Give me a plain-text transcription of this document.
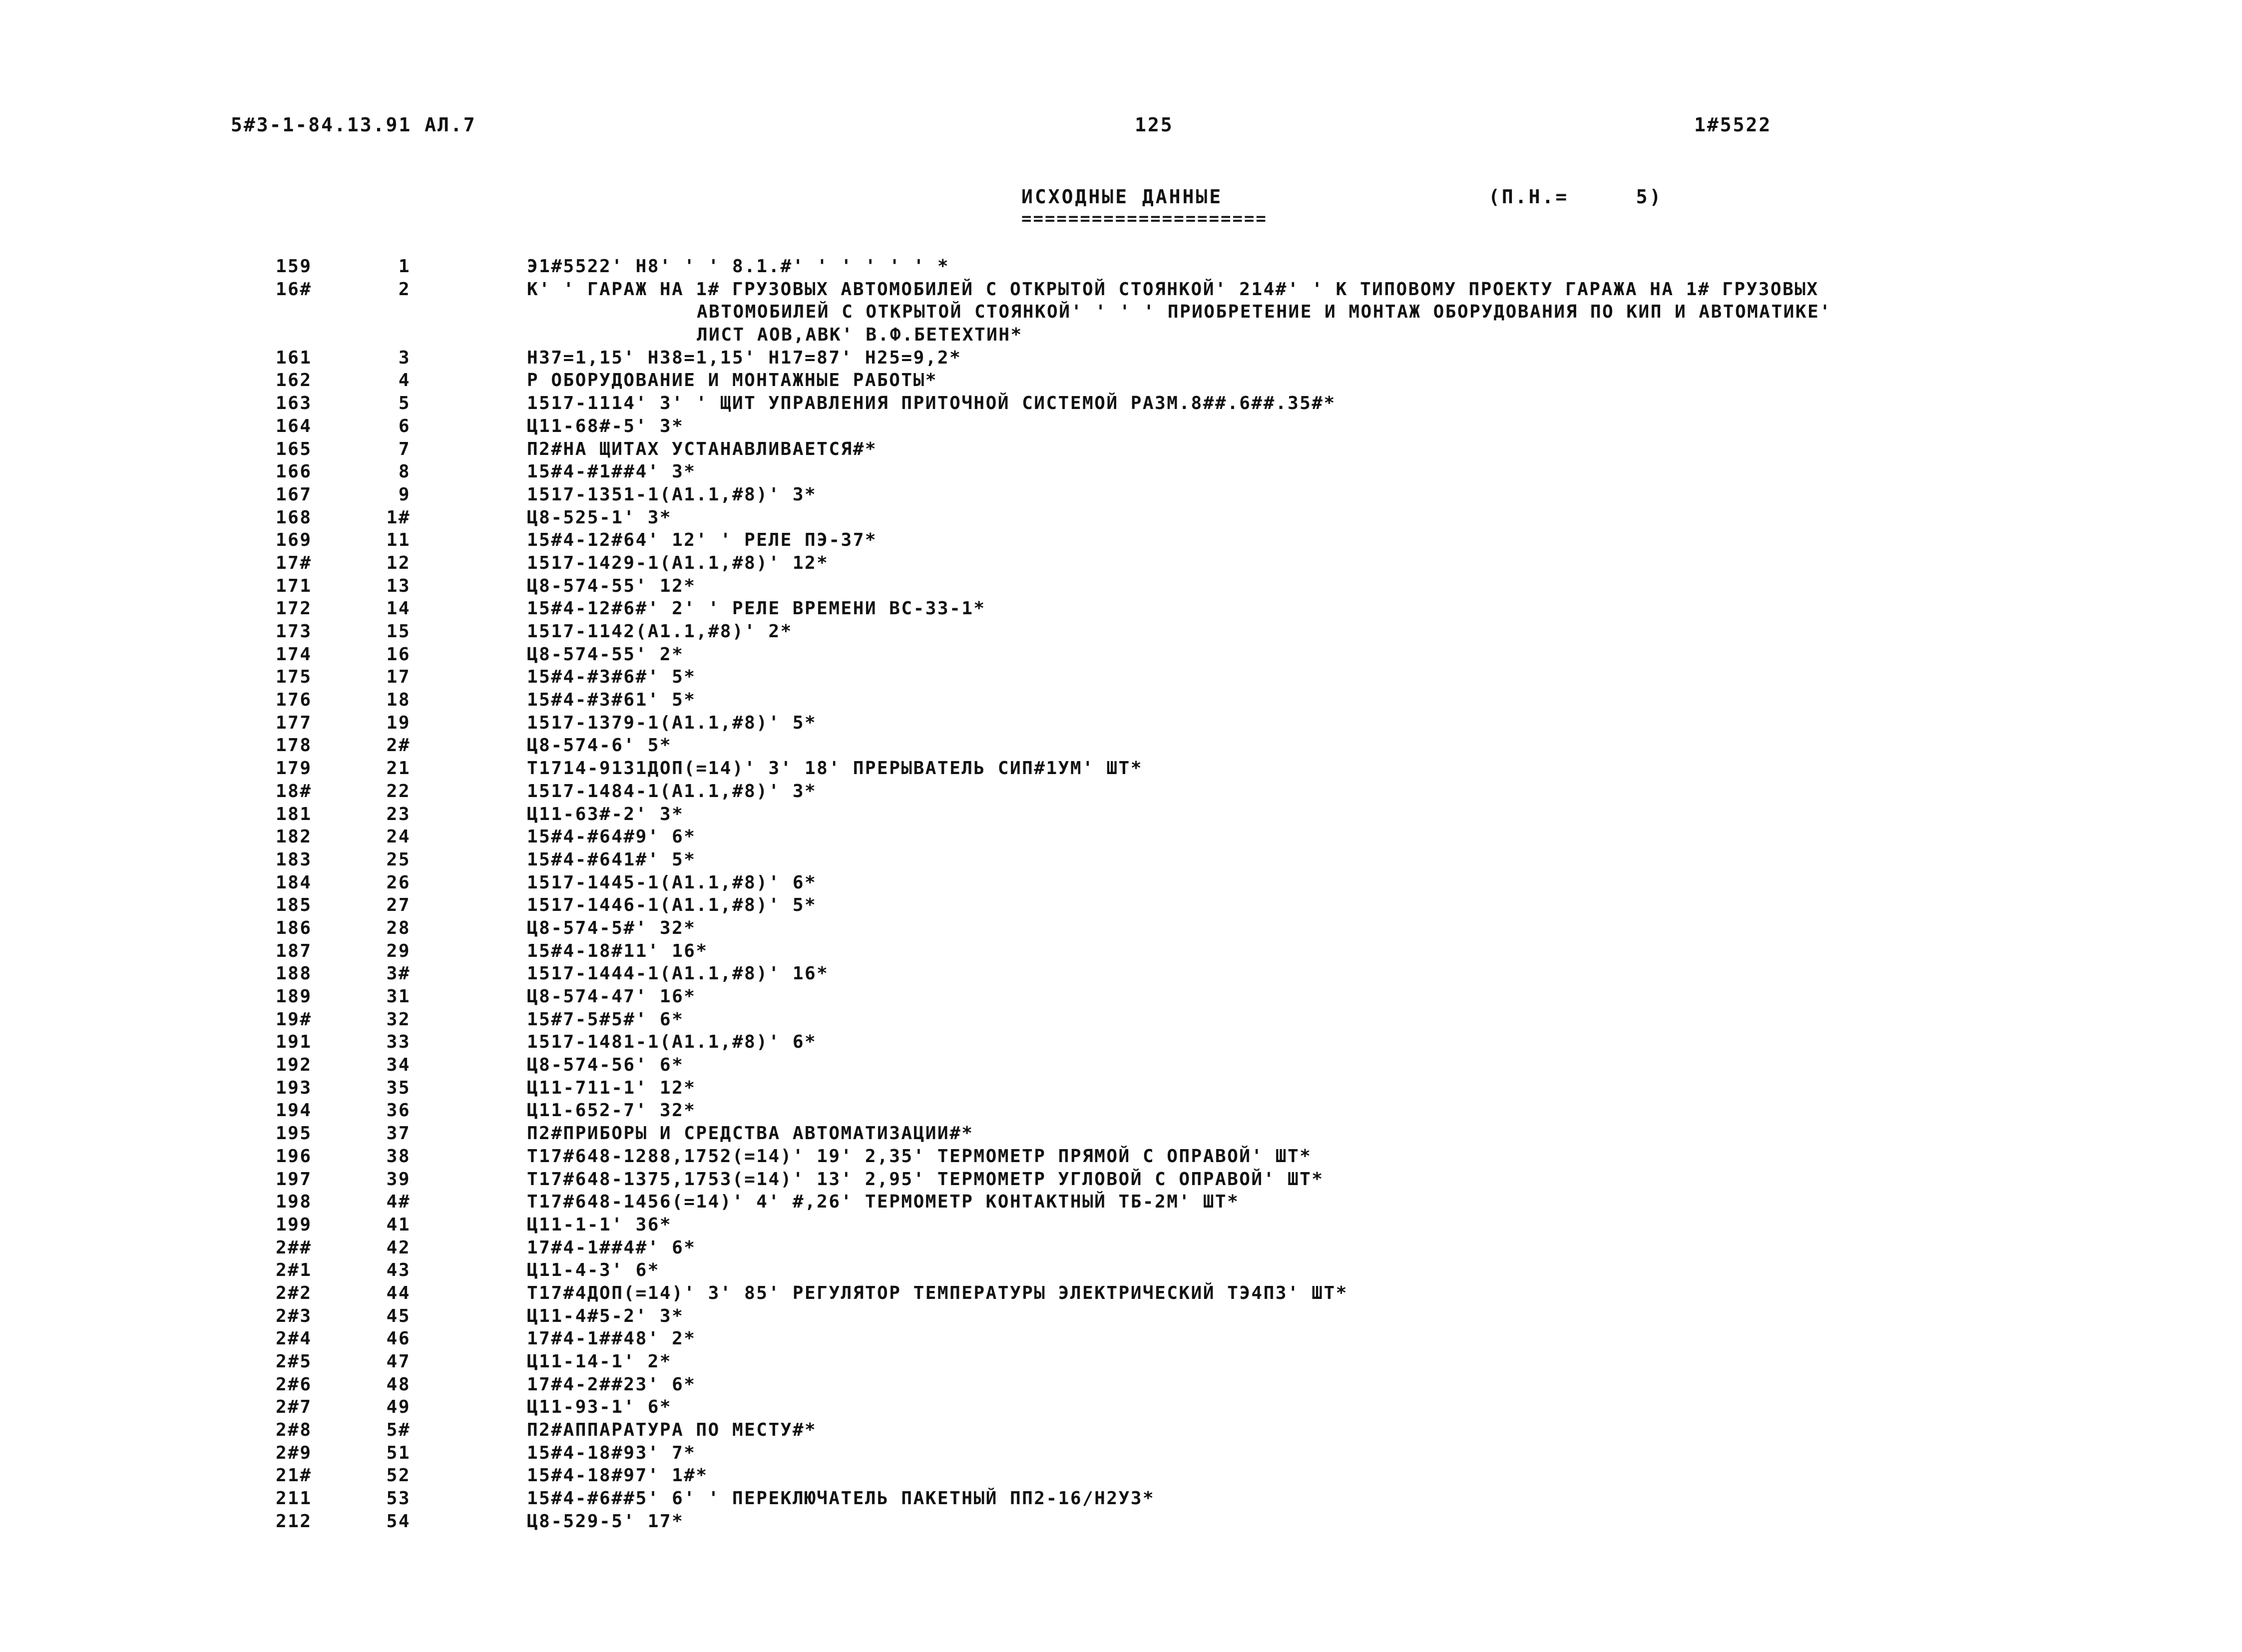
5#3-1-84.13.91 АЛ.7	125	1#5522
ИСХОДНЫЕ ДАННЫЕ
=====================
(П.Н.=     5)
159	1	Э1#5522' Н8' ' ' 8.1.#' ' ' ' ' ' *
16#	2	К' ' ГАРАЖ НА 1# ГРУЗОВЫХ АВТОМОБИЛЕЙ С ОТКРЫТОЙ СТОЯНКОЙ' 214#' ' К ТИПОВОМУ ПРОЕКТУ ГАРАЖА НА 1# ГРУЗОВЫХ
АВТОМОБИЛЕЙ С ОТКРЫТОЙ СТОЯНКОЙ' ' ' ' ПРИОБРЕТЕНИЕ И МОНТАЖ ОБОРУДОВАНИЯ ПО КИП И АВТОМАТИКЕ'
ЛИСТ АОВ,АВК' В.Ф.БЕТЕХТИН*
161	3	Н37=1,15' Н38=1,15' Н17=87' Н25=9,2*
162	4	Р ОБОРУДОВАНИЕ И МОНТАЖНЫЕ РАБОТЫ*
163	5	1517-1114' 3' ' ЩИТ УПРАВЛЕНИЯ ПРИТОЧНОЙ СИСТЕМОЙ РАЗМ.8##.6##.35#*
164	6	Ц11-68#-5' 3*
165	7	П2#НА ЩИТАХ УСТАНАВЛИВАЕТСЯ#*
166	8	15#4-#1##4' 3*
167	9	1517-1351-1(А1.1,#8)' 3*
168	1#	Ц8-525-1' 3*
169	11	15#4-12#64' 12' ' РЕЛЕ ПЭ-37*
17#	12	1517-1429-1(А1.1,#8)' 12*
171	13	Ц8-574-55' 12*
172	14	15#4-12#6#' 2' ' РЕЛЕ ВРЕМЕНИ ВС-33-1*
173	15	1517-1142(А1.1,#8)' 2*
174	16	Ц8-574-55' 2*
175	17	15#4-#3#6#' 5*
176	18	15#4-#3#61' 5*
177	19	1517-1379-1(А1.1,#8)' 5*
178	2#	Ц8-574-6' 5*
179	21	Т1714-9131ДОП(=14)' 3' 18' ПРЕРЫВАТЕЛЬ СИП#1УМ' ШТ*
18#	22	1517-1484-1(А1.1,#8)' 3*
181	23	Ц11-63#-2' 3*
182	24	15#4-#64#9' 6*
183	25	15#4-#641#' 5*
184	26	1517-1445-1(А1.1,#8)' 6*
185	27	1517-1446-1(А1.1,#8)' 5*
186	28	Ц8-574-5#' 32*
187	29	15#4-18#11' 16*
188	3#	1517-1444-1(А1.1,#8)' 16*
189	31	Ц8-574-47' 16*
19#	32	15#7-5#5#' 6*
191	33	1517-1481-1(А1.1,#8)' 6*
192	34	Ц8-574-56' 6*
193	35	Ц11-711-1' 12*
194	36	Ц11-652-7' 32*
195	37	П2#ПРИБОРЫ И СРЕДСТВА АВТОМАТИЗАЦИИ#*
196	38	Т17#648-1288,1752(=14)' 19' 2,35' ТЕРМОМЕТР ПРЯМОЙ С ОПРАВОЙ' ШТ*
197	39	Т17#648-1375,1753(=14)' 13' 2,95' ТЕРМОМЕТР УГЛОВОЙ С ОПРАВОЙ' ШТ*
198	4#	Т17#648-1456(=14)' 4' #,26' ТЕРМОМЕТР КОНТАКТНЫЙ ТБ-2М' ШТ*
199	41	Ц11-1-1' 36*
2##	42	17#4-1##4#' 6*
2#1	43	Ц11-4-3' 6*
2#2	44	Т17#4ДОП(=14)' 3' 85' РЕГУЛЯТОР ТЕМПЕРАТУРЫ ЭЛЕКТРИЧЕСКИЙ ТЭ4П3' ШТ*
2#3	45	Ц11-4#5-2' 3*
2#4	46	17#4-1##48' 2*
2#5	47	Ц11-14-1' 2*
2#6	48	17#4-2##23' 6*
2#7	49	Ц11-93-1' 6*
2#8	5#	П2#АППАРАТУРА ПО МЕСТУ#*
2#9	51	15#4-18#93' 7*
21#	52	15#4-18#97' 1#*
211	53	15#4-#6##5' 6' ' ПЕРЕКЛЮЧАТЕЛЬ ПАКЕТНЫЙ ПП2-16/Н2У3*
212	54	Ц8-529-5' 17*
